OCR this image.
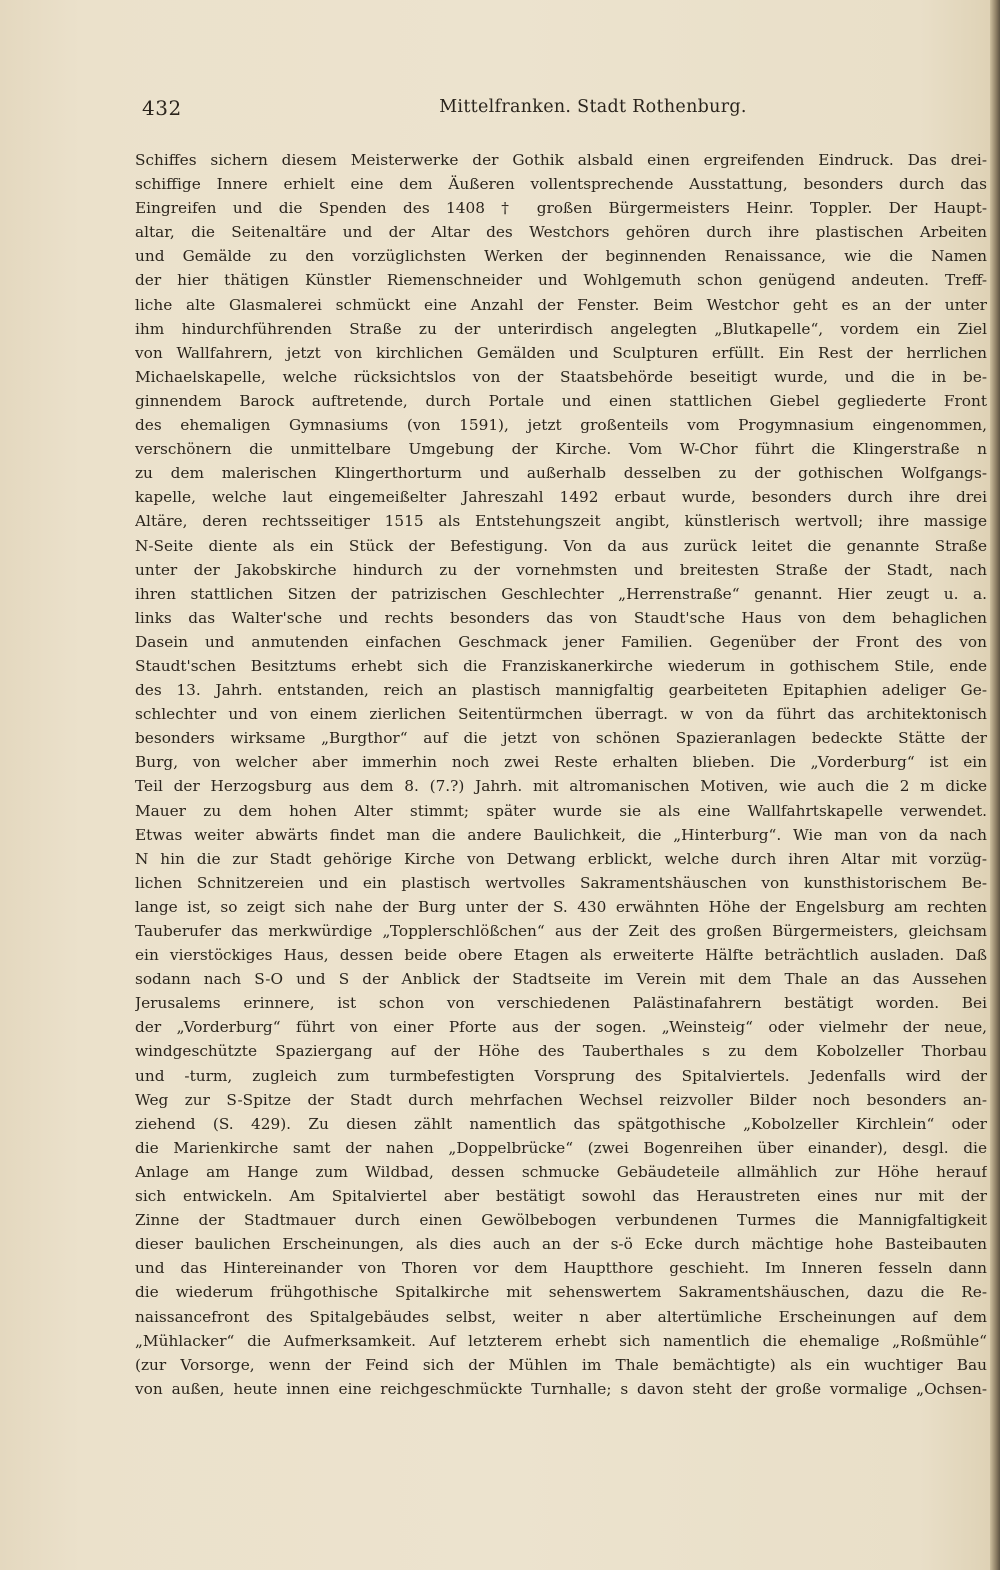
432	Mittelfranken. Stadt Rothenburg.
Schiffes sichern diesem Meisterwerke der Gothik alsbald einen ergreifenden Eindruck. Das drei-
schiffige Innere erhielt eine dem Äußeren vollentsprechende Ausstattung, besonders durch das
Eingreifen und die Spenden des 1408 † großen Bürgermeisters Heinr. Toppler. Der Haupt-
altar, die Seitenaltäre und der Altar des Westchors gehören durch ihre plastischen Arbeiten
und Gemälde zu den vorzüglichsten Werken der beginnenden Renaissance, wie die Namen
der hier thätigen Künstler Riemenschneider und Wohlgemuth schon genügend andeuten. Treff-
liche alte Glasmalerei schmückt eine Anzahl der Fenster. Beim Westchor geht es an der unter
ihm hindurchführenden Straße zu der unterirdisch angelegten „Blutkapelle“, vordem ein Ziel
von Wallfahrern, jetzt von kirchlichen Gemälden und Sculpturen erfüllt. Ein Rest der herrlichen
Michaelskapelle, welche rücksichtslos von der Staatsbehörde beseitigt wurde, und die in be-
ginnendem Barock auftretende, durch Portale und einen stattlichen Giebel gegliederte Front
des ehemaligen Gymnasiums (von 1591), jetzt großenteils vom Progymnasium eingenommen,
verschönern die unmittelbare Umgebung der Kirche. Vom W-Chor führt die Klingerstraße n
zu dem malerischen Klingerthorturm und außerhalb desselben zu der gothischen Wolfgangs-
kapelle, welche laut eingemeißelter Jahreszahl 1492 erbaut wurde, besonders durch ihre drei
Altäre, deren rechtsseitiger 1515 als Entstehungszeit angibt, künstlerisch wertvoll; ihre massige
N-Seite diente als ein Stück der Befestigung. Von da aus zurück leitet die genannte Straße
unter der Jakobskirche hindurch zu der vornehmsten und breitesten Straße der Stadt, nach
ihren stattlichen Sitzen der patrizischen Geschlechter „Herrenstraße“ genannt. Hier zeugt u. a.
links das Walter'sche und rechts besonders das von Staudt'sche Haus von dem behaglichen
Dasein und anmutenden einfachen Geschmack jener Familien. Gegenüber der Front des von
Staudt'schen Besitztums erhebt sich die Franziskanerkirche wiederum in gothischem Stile, ende
des 13. Jahrh. entstanden, reich an plastisch mannigfaltig gearbeiteten Epitaphien adeliger Ge-
schlechter und von einem zierlichen Seitentürmchen überragt. w von da führt das architektonisch
besonders wirksame „Burgthor“ auf die jetzt von schönen Spazieranlagen bedeckte Stätte der
Burg, von welcher aber immerhin noch zwei Reste erhalten blieben. Die „Vorderburg“ ist ein
Teil der Herzogsburg aus dem 8. (7.?) Jahrh. mit altromanischen Motiven, wie auch die 2 m dicke
Mauer zu dem hohen Alter stimmt; später wurde sie als eine Wallfahrtskapelle verwendet.
Etwas weiter abwärts findet man die andere Baulichkeit, die „Hinterburg“. Wie man von da nach
N hin die zur Stadt gehörige Kirche von Detwang erblickt, welche durch ihren Altar mit vorzüg-
lichen Schnitzereien und ein plastisch wertvolles Sakramentshäuschen von kunsthistorischem Be-
lange ist, so zeigt sich nahe der Burg unter der S. 430 erwähnten Höhe der Engelsburg am rechten
Tauberufer das merkwürdige „Topplerschlößchen“ aus der Zeit des großen Bürgermeisters, gleichsam
ein vierstöckiges Haus, dessen beide obere Etagen als erweiterte Hälfte beträchtlich ausladen. Daß
sodann nach S-O und S der Anblick der Stadtseite im Verein mit dem Thale an das Aussehen
Jerusalems erinnere, ist schon von verschiedenen Palästinafahrern bestätigt worden. Bei
der „Vorderburg“ führt von einer Pforte aus der sogen. „Weinsteig“ oder vielmehr der neue,
windgeschützte Spaziergang auf der Höhe des Tauberthales s zu dem Kobolzeller Thorbau
und -turm, zugleich zum turmbefestigten Vorsprung des Spitalviertels. Jedenfalls wird der
Weg zur S-Spitze der Stadt durch mehrfachen Wechsel reizvoller Bilder noch besonders an-
ziehend (S. 429). Zu diesen zählt namentlich das spätgothische „Kobolzeller Kirchlein“ oder
die Marienkirche samt der nahen „Doppelbrücke“ (zwei Bogenreihen über einander), desgl. die
Anlage am Hange zum Wildbad, dessen schmucke Gebäudeteile allmählich zur Höhe herauf
sich entwickeln. Am Spitalviertel aber bestätigt sowohl das Heraustreten eines nur mit der
Zinne der Stadtmauer durch einen Gewölbebogen verbundenen Turmes die Mannigfaltigkeit
dieser baulichen Erscheinungen, als dies auch an der s-ö Ecke durch mächtige hohe Basteibauten
und das Hintereinander von Thoren vor dem Hauptthore geschieht. Im Inneren fesseln dann
die wiederum frühgothische Spitalkirche mit sehenswertem Sakramentshäuschen, dazu die Re-
naissancefront des Spitalgebäudes selbst, weiter n aber altertümliche Erscheinungen auf dem
„Mühlacker“ die Aufmerksamkeit. Auf letzterem erhebt sich namentlich die ehemalige „Roßmühle“
(zur Vorsorge, wenn der Feind sich der Mühlen im Thale bemächtigte) als ein wuchtiger Bau
von außen, heute innen eine reichgeschmückte Turnhalle; s davon steht der große vormalige „Ochsen-
